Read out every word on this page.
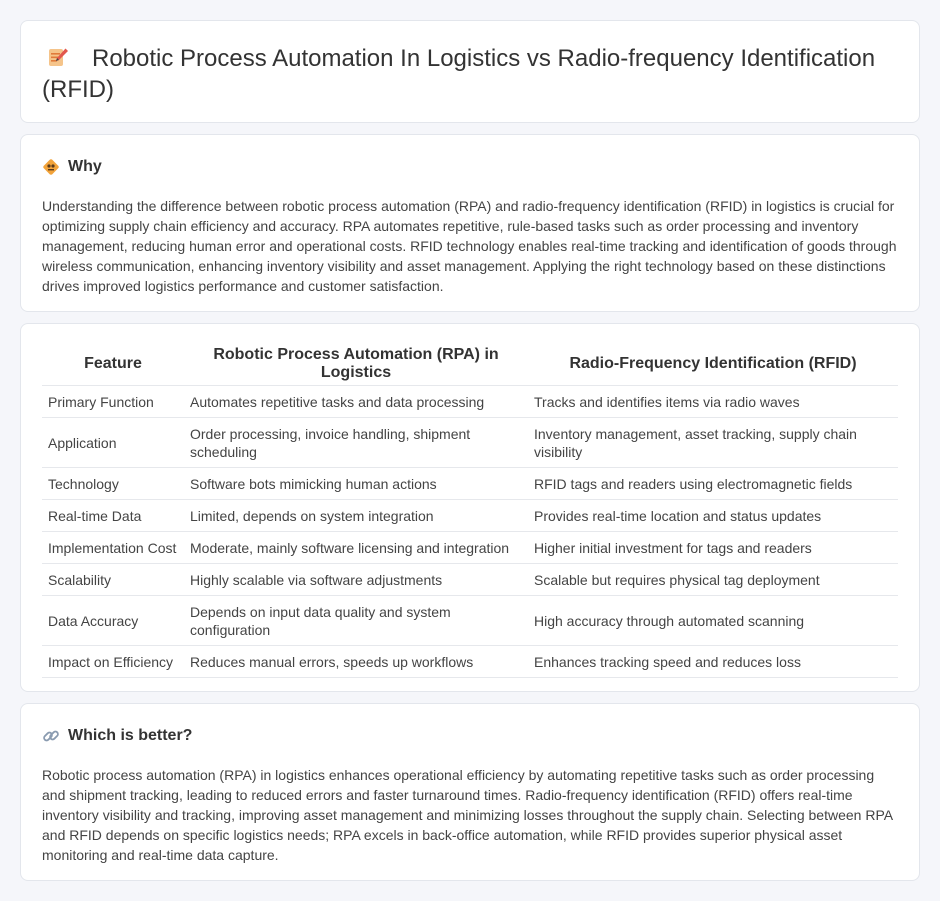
Robotic Process Automation In Logistics vs Radio-frequency Identification (RFID)
Why

Understanding the difference between robotic process automation (RPA) and radio-frequency identification (RFID) in logistics is crucial for optimizing supply chain efficiency and accuracy. RPA automates repetitive, rule-based tasks such as order processing and inventory management, reducing human error and operational costs. RFID technology enables real-time tracking and identification of goods through wireless communication, enhancing inventory visibility and asset management. Applying the right technology based on these distinctions drives improved logistics performance and customer satisfaction.

Feature	Robotic Process Automation (RPA) in Logistics	Radio-Frequency Identification (RFID)
Primary Function	Automates repetitive tasks and data processing	Tracks and identifies items via radio waves
Application	Order processing, invoice handling, shipment scheduling	Inventory management, asset tracking, supply chain visibility
Technology	Software bots mimicking human actions	RFID tags and readers using electromagnetic fields
Real-time Data	Limited, depends on system integration	Provides real-time location and status updates
Implementation Cost	Moderate, mainly software licensing and integration	Higher initial investment for tags and readers
Scalability	Highly scalable via software adjustments	Scalable but requires physical tag deployment
Data Accuracy	Depends on input data quality and system configuration	High accuracy through automated scanning
Impact on Efficiency	Reduces manual errors, speeds up workflows	Enhances tracking speed and reduces loss
Which is better?

Robotic process automation (RPA) in logistics enhances operational efficiency by automating repetitive tasks such as order processing and shipment tracking, leading to reduced errors and faster turnaround times. Radio-frequency identification (RFID) offers real-time inventory visibility and tracking, improving asset management and minimizing losses throughout the supply chain. Selecting between RPA and RFID depends on specific logistics needs; RPA excels in back-office automation, while RFID provides superior physical asset monitoring and real-time data capture.
